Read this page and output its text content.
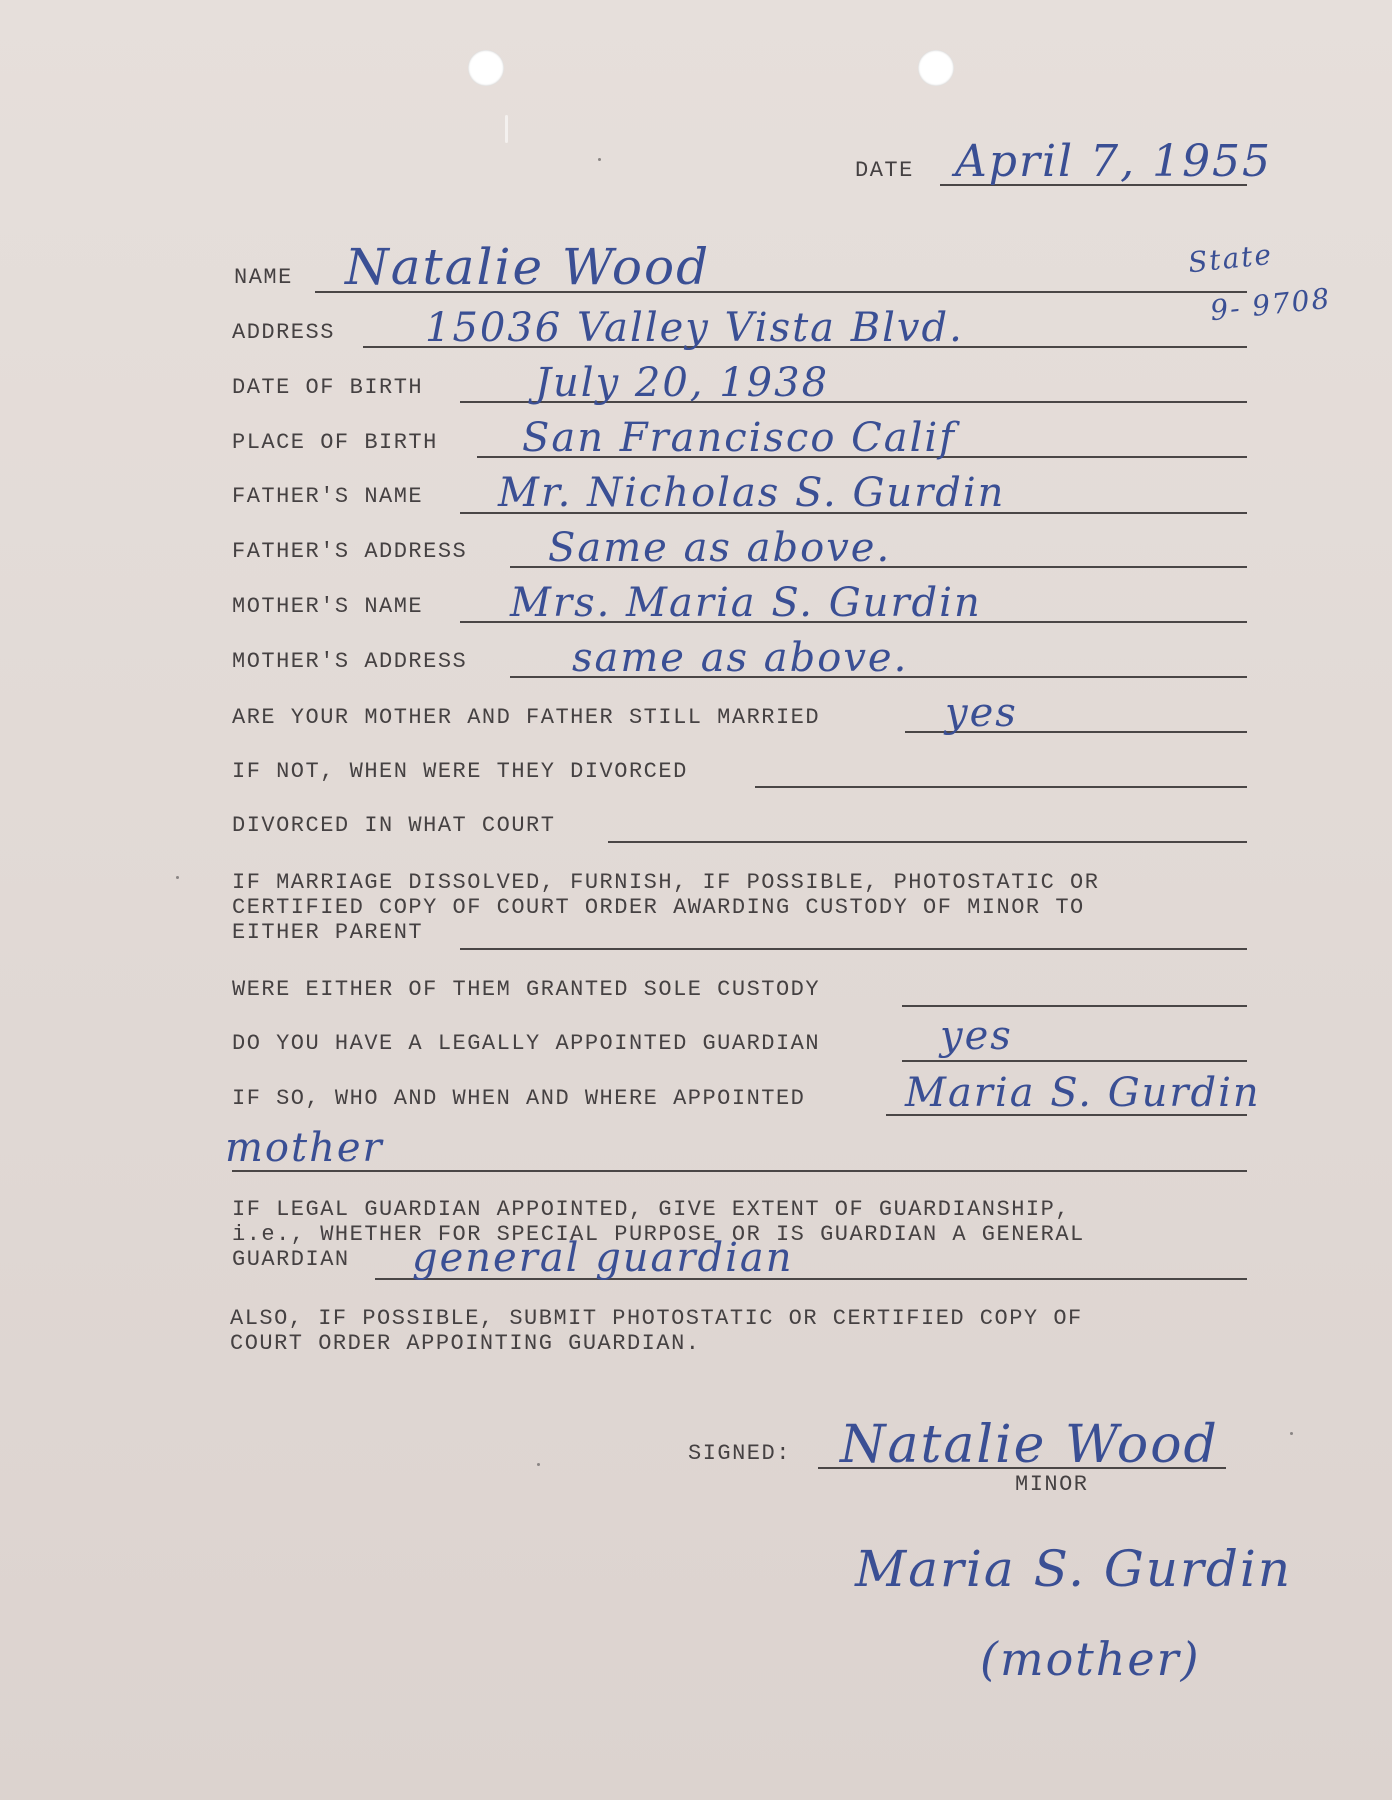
DATE April 7, 1955
NAME Natalie Wood	State
9- 9708
ADDRESS 15036 Valley Vista Blvd.
DATE OF BIRTH	July 20, 1938
PLACE OF BIRTH San Francisco Calif
FATHER'S NAME Mr. Nicholas S. Gurdin
FATHER'S ADDRESS Same as above.
MOTHER'S NAME Mrs. Maria S. Gurdin
MOTHER'S ADDRESS	same as above.
ARE YOUR MOTHER AND FATHER STILL MARRIED	yes
IF NOT, WHEN WERE THEY DIVORCED
DIVORCED IN WHAT COURT
IF MARRIAGE DISSOLVED, FURNISH, IF POSSIBLE, PHOTOSTATIC OR
CERTIFIED COPY OF COURT ORDER AWARDING CUSTODY OF MINOR TO
EITHER PARENT
WERE EITHER OF THEM GRANTED SOLE CUSTODY
DO YOU HAVE A LEGALLY APPOINTED GUARDIAN	yes
IF SO, WHO AND WHEN AND WHERE APPOINTED Maria S. Gurdin
mother
IF LEGAL GUARDIAN APPOINTED, GIVE EXTENT OF GUARDIANSHIP,
i.e., WHETHER FOR SPECIAL PURPOSE OR IS GUARDIAN A GENERAL
GUARDIAN general guardian
ALSO, IF POSSIBLE, SUBMIT PHOTOSTATIC OR CERTIFIED COPY OF
COURT ORDER APPOINTING GUARDIAN.
SIGNED:
MINOR
Natalie Wood
Maria S. Gurdin
(mother)
